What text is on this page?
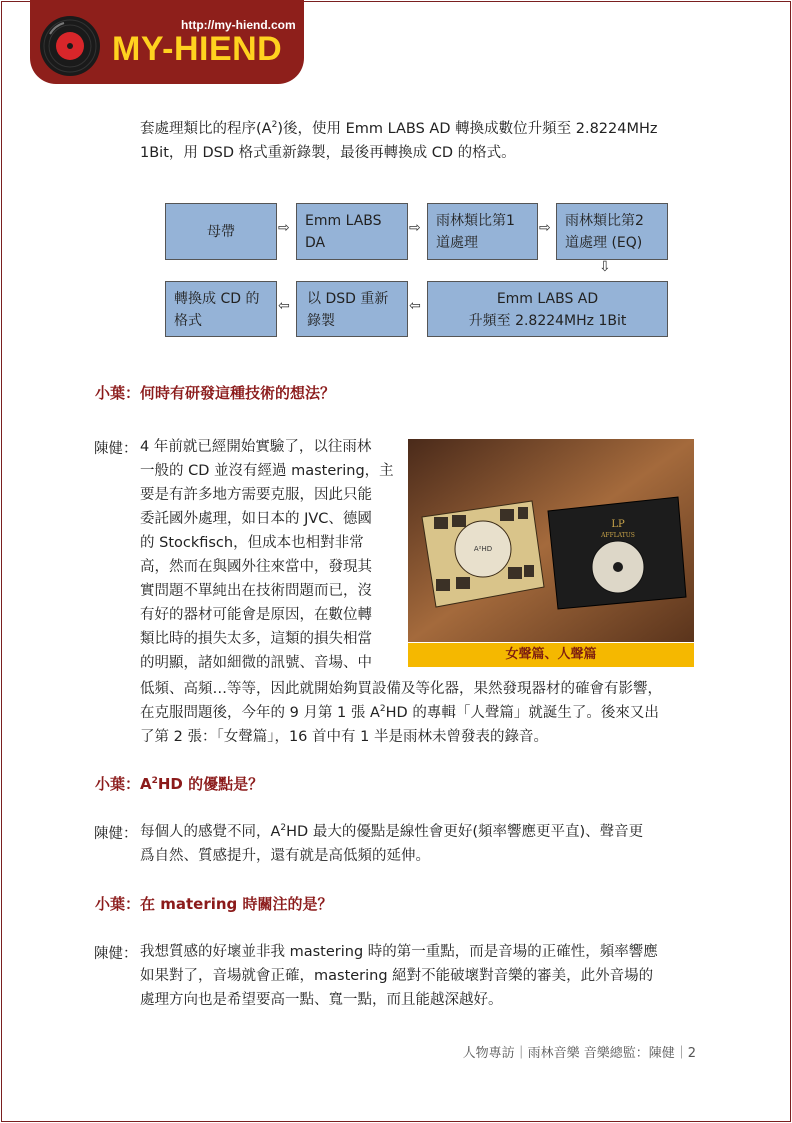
http://my-hiend.com
MY-HIEND

套處理類比的程序$(A^2)$後，使用 Emm LABS AD 轉換成數位升頻至 2.8224MHz

1Bit，用 DSD 格式重新錄製，最後再轉換成 CD 的格式。

母帶	⇨ Emm LABS
DA
⇨ 雨林類比第1
道處理
⇨ 雨林類比第2
道處理 (EQ)
⇩
Emm LABS AD
升頻至 2.8224MHz 1Bit
⇦
以 DSD 重新
錄製
⇦
轉換成 CD 的
格式

小葉：何時有研發這種技術的想法？

陳健： 4 年前就已經開始實驗了，以往雨林

一般的 CD 並沒有經過 mastering，主

要是有許多地方需要克服，因此只能

委託國外處理，如日本的 JVC、德國

的 Stockfisch，但成本也相對非常

高，然而在與國外往來當中，發現其

實問題不單純出在技術問題而已，沒

有好的器材可能會是原因，在數位轉

類比時的損失太多，這類的損失相當

的明顯，諸如細微的訊號、音場、中

A²HD
LP
AFFLATUS
女聲篇、人聲篇

低頻、高頻…等等，因此就開始夠買設備及等化器，果然發現器材的確會有影響，

在克服問題後，今年的 9 月第 1 張 $A^2HD$ 的專輯「人聲篇」就誕生了。後來又出

了第 2 張：「女聲篇」，16 首中有 1 半是雨林未曾發表的錄音。

小葉：$A^2HD$ 的優點是？

陳健： 每個人的感覺不同，$A^2HD$ 最大的優點是線性會更好(頻率響應更平直)、聲音更

爲自然、質感提升，還有就是高低頻的延伸。

小葉：在 matering 時關注的是？

陳健： 我想質感的好壞並非我 mastering 時的第一重點，而是音場的正確性，頻率響應

如果對了，音場就會正確，mastering 絕對不能破壞對音樂的審美，此外音場的

處理方向也是希望要高一點、寬一點，而且能越深越好。

人物專訪｜雨林音樂 音樂總監：陳健｜2
